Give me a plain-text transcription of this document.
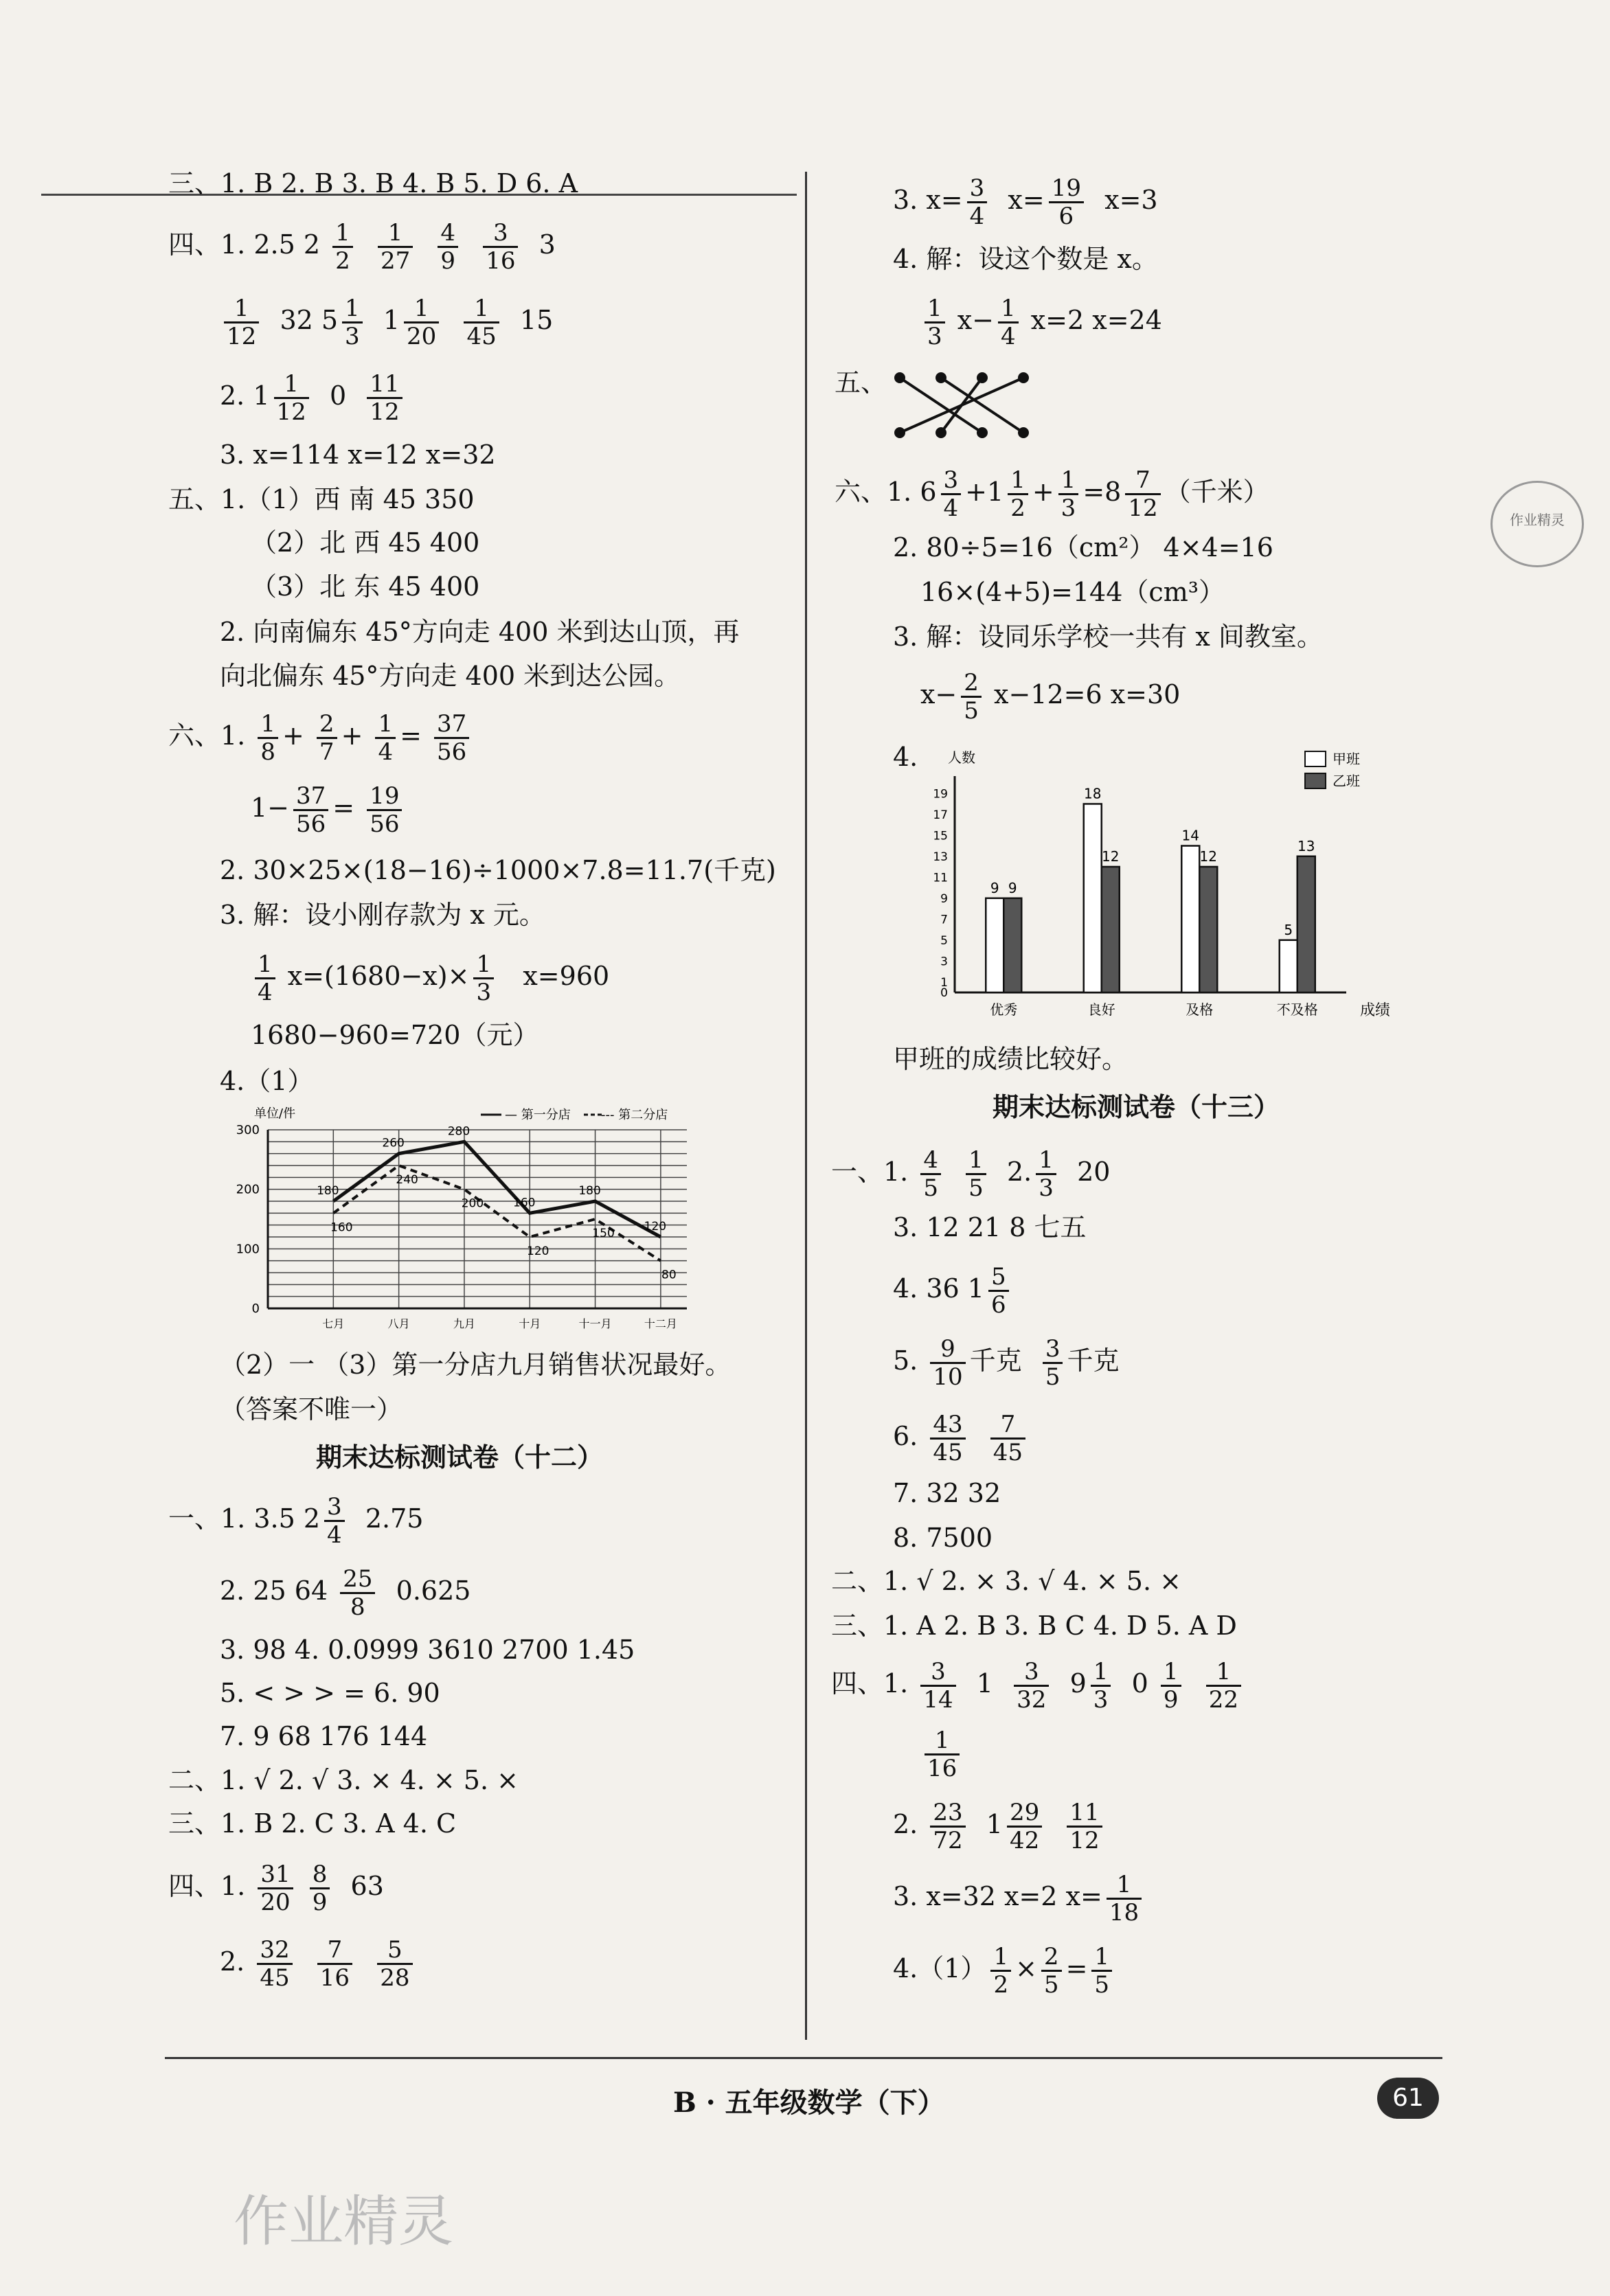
三、1. B 2. B 3. B 4. B 5. D 6. A
四、1. 2.5 $2 \frac{1}{2}$
$\frac{1}{27}$
$\frac{4}{9}$
$\frac{3}{16} 3$
$\frac{1}{12} 32$ $5 \frac{1}{3} 1 \frac{1}{20}$
$\frac{1}{45} 15$
2. $1 \frac{1}{12} 0 \frac{11}{12}$
3. x=114 x=12 x=32
五、1.（1）西 南 45 350
（2）北 西 45 400
（3）北 东 45 400
2. 向南偏东 45°方向走 400 米到达山顶，再
向北偏东 45°方向走 400 米到达公园。
六、1. $\frac{1}{8} + \frac{2}{7} + \frac{1}{4} = \frac{37}{56}$
$1- \frac{37}{56} = \frac{19}{56}$
2. 30×25×(18−16)÷1000×7.8=11.7(千克)
3. 解：设小刚存款为 x 元。
$\frac{1}{4} x=(1680-x)\times \frac{1}{3} x=960$
1680−960=720（元）
4.（1）
单位/件	— 第一分店 --- 第二分店
七月	八月	九月	十月	十一月	十二月
300
200
100
0
180
260
280
160
180
120
160
240
200
120
150
80
（2）一 （3）第一分店九月销售状况最好。
（答案不唯一）
期末达标测试卷（十二）
一、1. 3.5 $2 \frac{3}{4} 2.75$
2. 25 $64 \frac{25}{8} 0.625$
3. 98 4. 0.0999 3610 2700 1.45
5. < > > = 6. 90
7. 9 68 176 144
二、1. √ 2. √ 3. × 4. × 5. ×
三、1. B 2. C 3. A 4. C
四、1. $\frac{31}{20}$
$\frac{8}{9} 63$
2. $\frac{32}{45}$
$\frac{7}{16}$
$\frac{5}{28}$
3. $x= \frac{3}{4} x= \frac{19}{6} x=3$
4. 解：设这个数是 x。
$\frac{1}{3} x- \frac{1}{4} x=2$ x=24
五、
六、1. $6 \frac{3}{4} +1 \frac{1}{2} + \frac{1}{3} =8 \frac{7}{12}$ （千米）
2. 80÷5=16（cm²） 4×4=16
16×(4+5)=144（cm³）
3. 解：设同乐学校一共有 x 间教室。
$x- \frac{2}{5} x-12=6$ x=30
4. 人数	甲班
乙班
成绩
19
17
15
13
11
9
7
5
3
1
0
9 9
优秀
18
12
良好
14
12
及格
5
13
不及格
甲班的成绩比较好。
期末达标测试卷（十三）
一、1. $\frac{4}{5}$
$\frac{1}{5} 2$. $\frac{1}{3} 20$
3. 12 21 8 七五
4. 36 $1 \frac{5}{6}$
5. $\frac{9}{10}$ 千克 $\frac{3}{5}$ 千克
6. $\frac{43}{45}$
$\frac{7}{45}$
7. 32 32
8. 7500
二、1. √ 2. × 3. √ 4. × 5. ×
三、1. A 2. B 3. B C 4. D 5. A D
四、1. $\frac{3}{14} 1 \frac{3}{32} 9 \frac{1}{3} 0 \frac{1}{9}$
$\frac{1}{22}$
$\frac{1}{16}$
2. $\frac{23}{72} 1 \frac{29}{42}$
$\frac{11}{12}$
3. x=32 x=2 $x= \frac{1}{18}$
$4.(1) \frac{1}{2} \times \frac{2}{5} = \frac{1}{5}$
作业精灵
作业精灵
B · 五年级数学（下）	61
